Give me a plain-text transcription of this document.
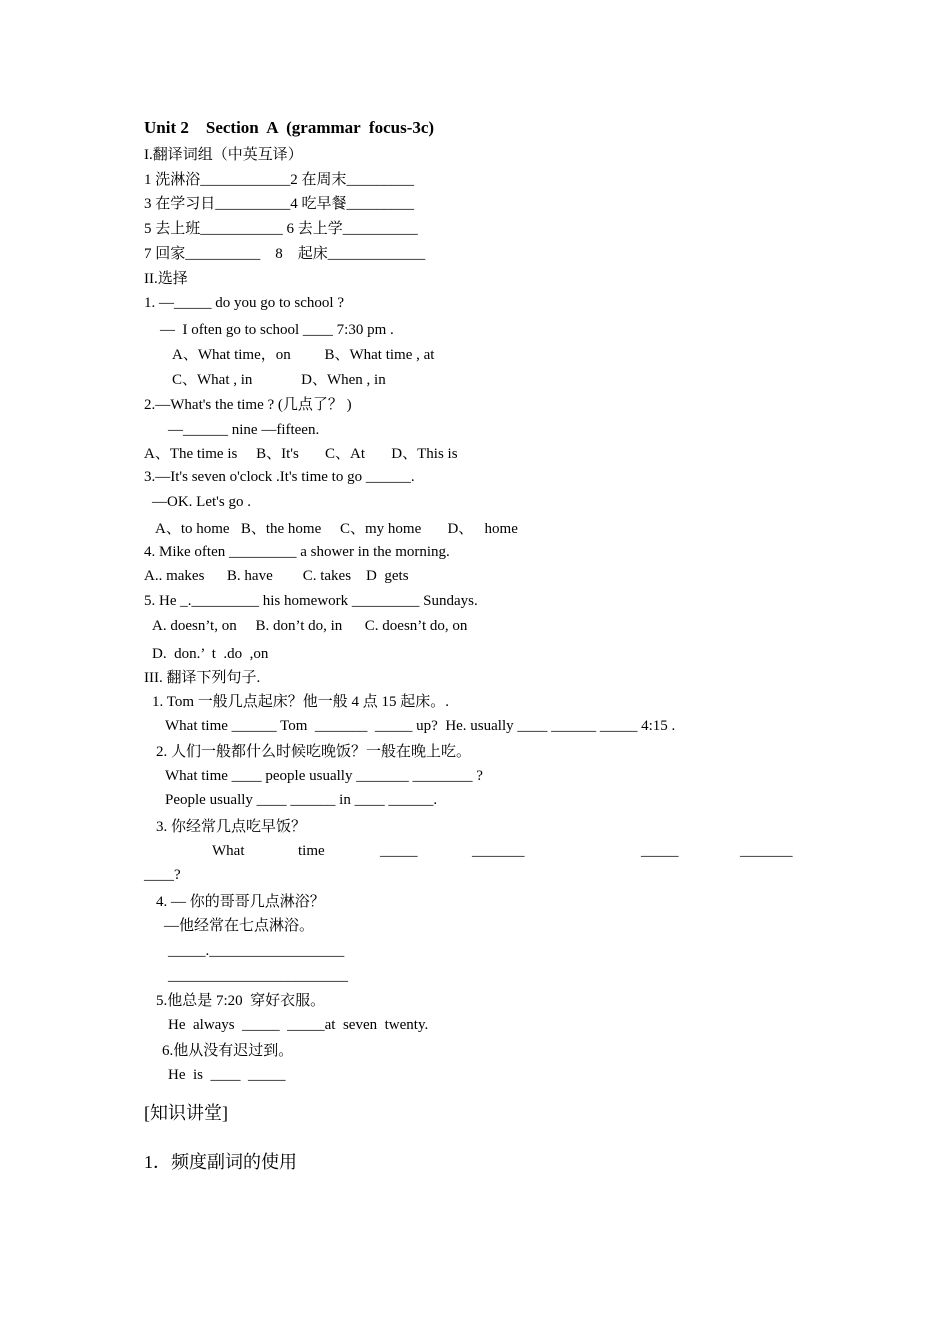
Unit 2    Section  A  (grammar  focus-3c)
I.翻译词组（中英互译）
1 洗淋浴____________2 在周末_________
3 在学习日__________4 吃早餐_________
5 去上班___________ 6 去上学__________
7 回家__________    8    起床_____________
II.选择
1. —_____ do you go to school ?
—  I often go to school ____ 7:30 pm .
A、What time，on         B、What time , at
C、What , in             D、When , in
2.—What's the time ? (几点了？ )
—______ nine —fifteen.
A、The time is     B、It's       C、At       D、This is
3.—It's seven o'clock .It's time to go ______.
—OK. Let's go .
A、to home   B、the home     C、my home       D、   home
4. Mike often _________ a shower in the morning.
A.. makes      B. have        C. takes    D  gets
5. He _._________ his homework _________ Sundays.
A. doesn’t, on     B. don’t do, in      C. doesn’t do, on
D.  don.’  t  .do  ,on
III. 翻译下列句子.
1. Tom 一般几点起床？他一般 4 点 15 起床。.
What time ______ Tom  _______  _____ up?  He. usually ____ ______ _____ 4:15 .
2. 人们一般都什么时候吃晚饭？一般在晚上吃。
What time ____ people usually _______ ________ ?
People usually ____ ______ in ____ ______.
3. 你经常几点吃早饭？
What	time	_____	_______	_____	_______
____?
4. — 你的哥哥几点淋浴？
—他经常在七点淋浴。
_____.__________________
________________________
5.他总是 7:20  穿好衣服。
He  always  _____  _____at  seven  twenty.
6.他从没有迟过到。
He  is  ____  _____
[知识讲堂]
1．频度副词的使用
